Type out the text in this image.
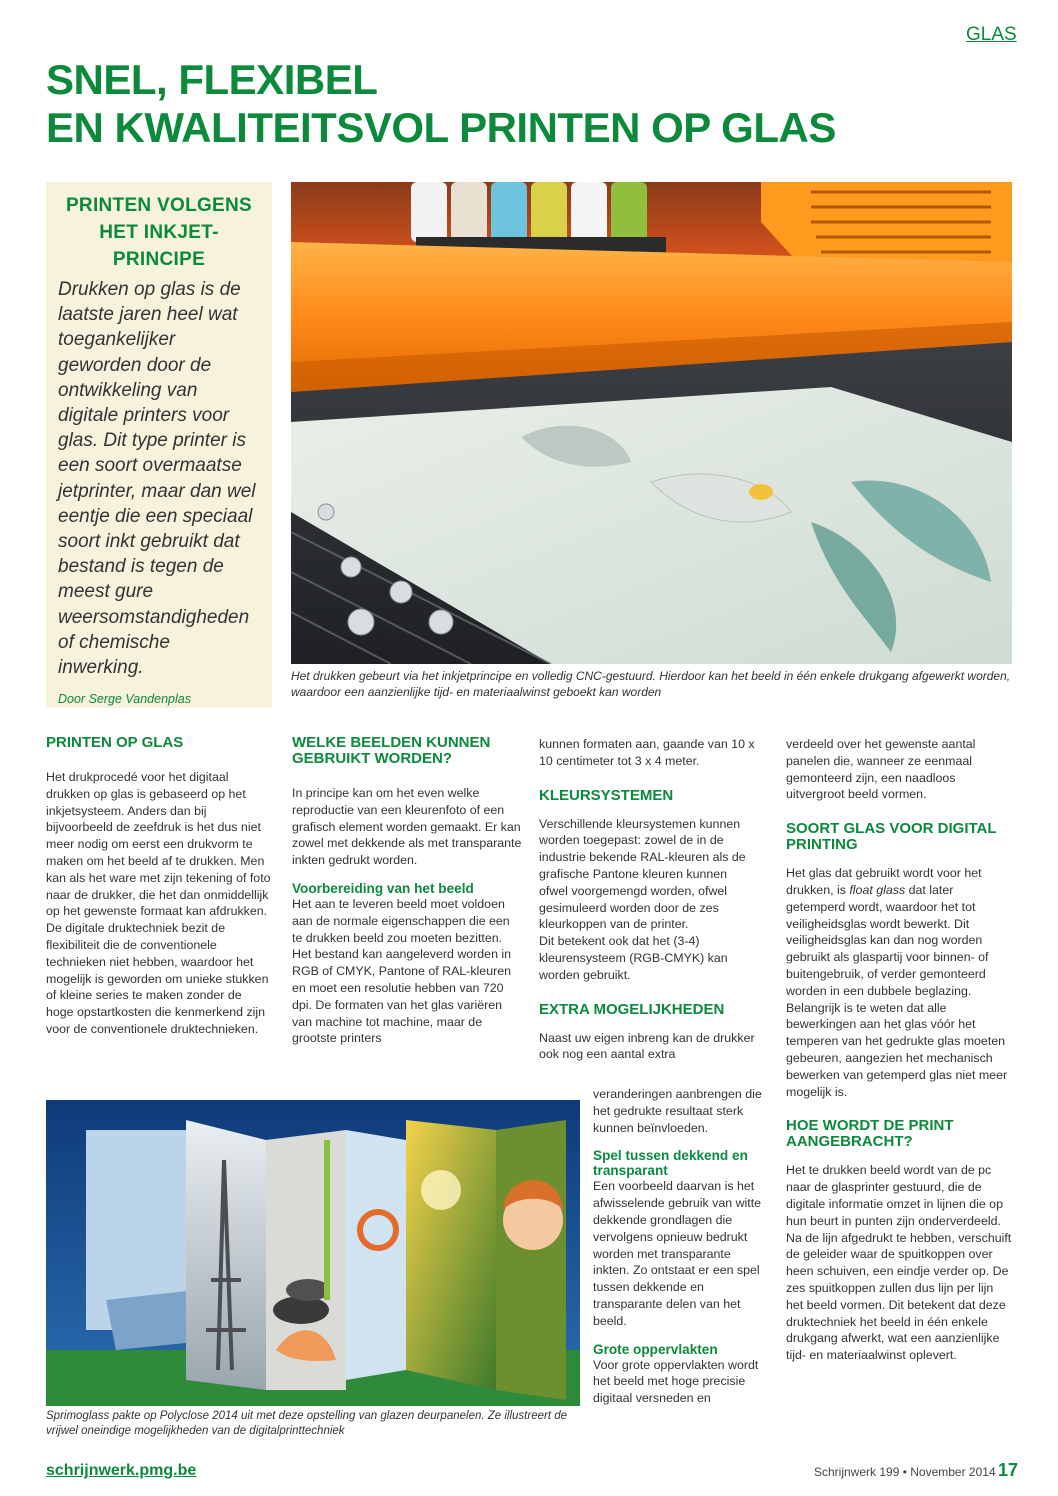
GLAS
SNEL, FLEXIBEL
EN KWALITEITSVOL PRINTEN OP GLAS
PRINTEN VOLGENS HET INKJET-PRINCIPE

Drukken op glas is de laatste jaren heel wat toegankelijker geworden door de ontwikkeling van digitale printers voor glas. Dit type printer is een soort overmaatse jetprinter, maar dan wel eentje die een speciaal soort inkt gebruikt dat bestand is tegen de meest gure weersomstandigheden of chemische inwerking.

Door Serge Vandenplas

Het drukken gebeurt via het inkjetprincipe en volledig CNC-gestuurd. Hierdoor kan het beeld in één enkele drukgang afgewerkt worden, waardoor een aanzienlijke tijd- en materiaalwinst geboekt kan worden

PRINTEN OP GLAS

Het drukprocedé voor het digitaal drukken op glas is gebaseerd op het inkjetsysteem. Anders dan bij bijvoorbeeld de zeefdruk is het dus niet meer nodig om eerst een drukvorm te maken om het beeld af te drukken. Men kan als het ware met zijn tekening of foto naar de drukker, die het dan onmiddellijk op het gewenste formaat kan afdrukken.

De digitale druktechniek bezit de flexibiliteit die de conventionele technieken niet hebben, waardoor het mogelijk is geworden om unieke stukken of kleine series te maken zonder de hoge opstartkosten die kenmerkend zijn voor de conventionele druktechnieken.

WELKE BEELDEN KUNNEN GEBRUIKT WORDEN?

In principe kan om het even welke reproductie van een kleurenfoto of een grafisch element worden gemaakt. Er kan zowel met dekkende als met transparante inkten gedrukt worden.

Voorbereiding van het beeld

Het aan te leveren beeld moet voldoen aan de normale eigenschappen die een te drukken beeld zou moeten bezitten.

Het bestand kan aangeleverd worden in RGB of CMYK, Pantone of RAL-kleuren en moet een resolutie hebben van 720 dpi. De formaten van het glas variëren van machine tot machine, maar de grootste printers

kunnen formaten aan, gaande van 10 x 10 centimeter tot 3 x 4 meter.

KLEURSYSTEMEN

Verschillende kleursystemen kunnen worden toegepast: zowel de in de industrie bekende RAL-kleuren als de grafische Pantone kleuren kunnen ofwel voorgemengd worden, ofwel gesimuleerd worden door de zes kleurkoppen van de printer.

Dit betekent ook dat het (3-4) kleurensysteem (RGB-CMYK) kan worden gebruikt.

EXTRA MOGELIJKHEDEN

Naast uw eigen inbreng kan de drukker ook nog een aantal extra

veranderingen aanbrengen die het gedrukte resultaat sterk kunnen beïnvloeden.

Spel tussen dekkend en transparant

Een voorbeeld daarvan is het afwisselende gebruik van witte dekkende grondlagen die vervolgens opnieuw bedrukt worden met transparante inkten. Zo ontstaat er een spel tussen dekkende en transparante delen van het beeld.

Grote oppervlakten

Voor grote oppervlakten wordt het beeld met hoge precisie digitaal versneden en

verdeeld over het gewenste aantal panelen die, wanneer ze eenmaal gemonteerd zijn, een naadloos uitvergroot beeld vormen.

SOORT GLAS VOOR DIGITAL PRINTING

Het glas dat gebruikt wordt voor het drukken, is float glass dat later getemperd wordt, waardoor het tot veiligheidsglas wordt bewerkt. Dit veiligheidsglas kan dan nog worden gebruikt als glaspartij voor binnen- of buitengebruik, of verder gemonteerd worden in een dubbele beglazing.

Belangrijk is te weten dat alle bewerkingen aan het glas vóór het temperen van het gedrukte glas moeten gebeuren, aangezien het mechanisch bewerken van getemperd glas niet meer mogelijk is.

HOE WORDT DE PRINT AANGEBRACHT?

Het te drukken beeld wordt van de pc naar de glasprinter gestuurd, die de digitale informatie omzet in lijnen die op hun beurt in punten zijn onderverdeeld. Na de lijn afgedrukt te hebben, verschuift de geleider waar de spuitkoppen over heen schuiven, een eindje verder op. De zes spuitkoppen zullen dus lijn per lijn het beeld vormen. Dit betekent dat deze druktechniek het beeld in één enkele drukgang afwerkt, wat een aanzienlijke tijd- en materiaalwinst oplevert.

Sprimoglass pakte op Polyclose 2014 uit met deze opstelling van glazen deurpanelen. Ze illustreert de vrijwel oneindige mogelijkheden van de digitalprinttechniek

schrijnwerk.pmg.be	Schrijnwerk 199 • November 2014 17
